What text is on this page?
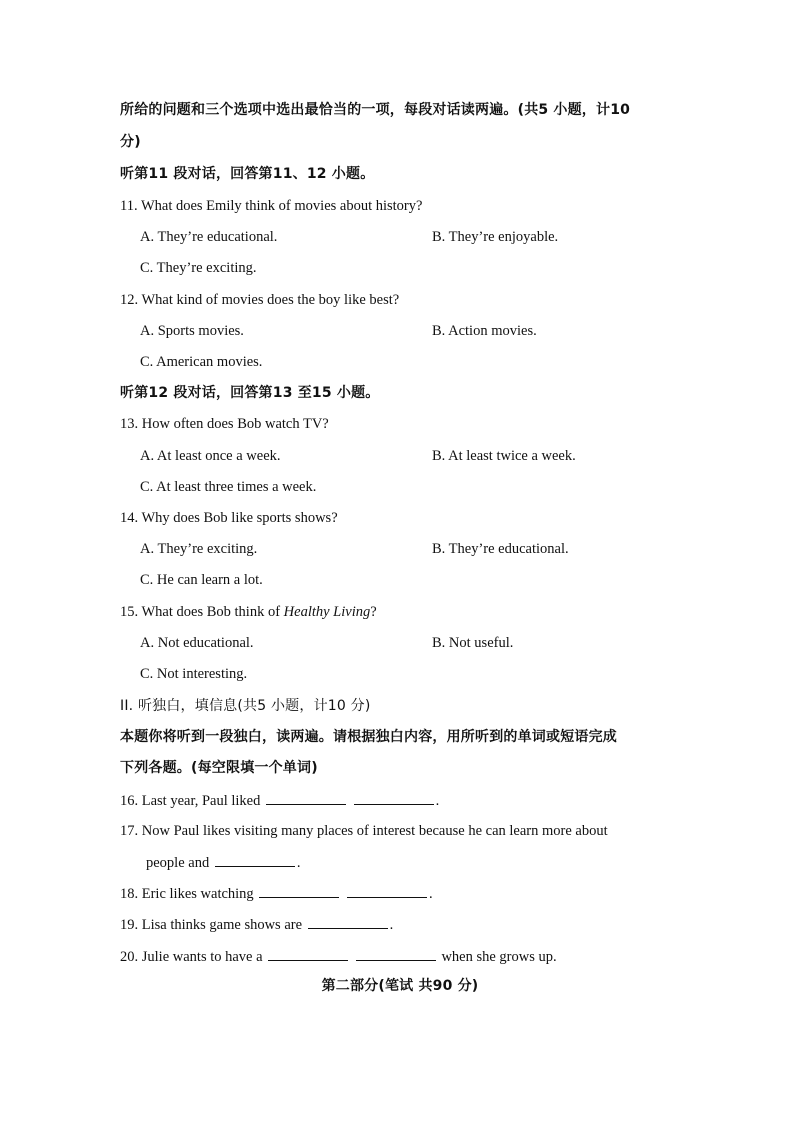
所给的问题和三个选项中选出最恰当的一项，每段对话读两遍。(共5 小题，计10
分)
听第11 段对话，回答第11、12 小题。
11. What does Emily think of movies about history?
A. They’re educational.	B. They’re enjoyable.
C. They’re exciting.
12. What kind of movies does the boy like best?
A. Sports movies.	B. Action movies.
C. American movies.
听第12 段对话，回答第13 至15 小题。
13. How often does Bob watch TV?
A. At least once a week.	B. At least twice a week.
C. At least three times a week.
14. Why does Bob like sports shows?
A. They’re exciting.	B. They’re educational.
C. He can learn a lot.
15. What does Bob think of Healthy Living?
A. Not educational.	B. Not useful.
C. Not interesting.
II. 听独白，填信息(共5 小题，计10 分)
本题你将听到一段独白，读两遍。请根据独白内容，用所听到的单词或短语完成
下列各题。(每空限填一个单词)
16. Last year, Paul liked	.
17. Now Paul likes visiting many places of interest because he can learn more about
people and	.
18. Eric likes watching	.
19. Lisa thinks game shows are	.
20. Julie wants to have a	when she grows up.
第二部分(笔试 共90 分)
